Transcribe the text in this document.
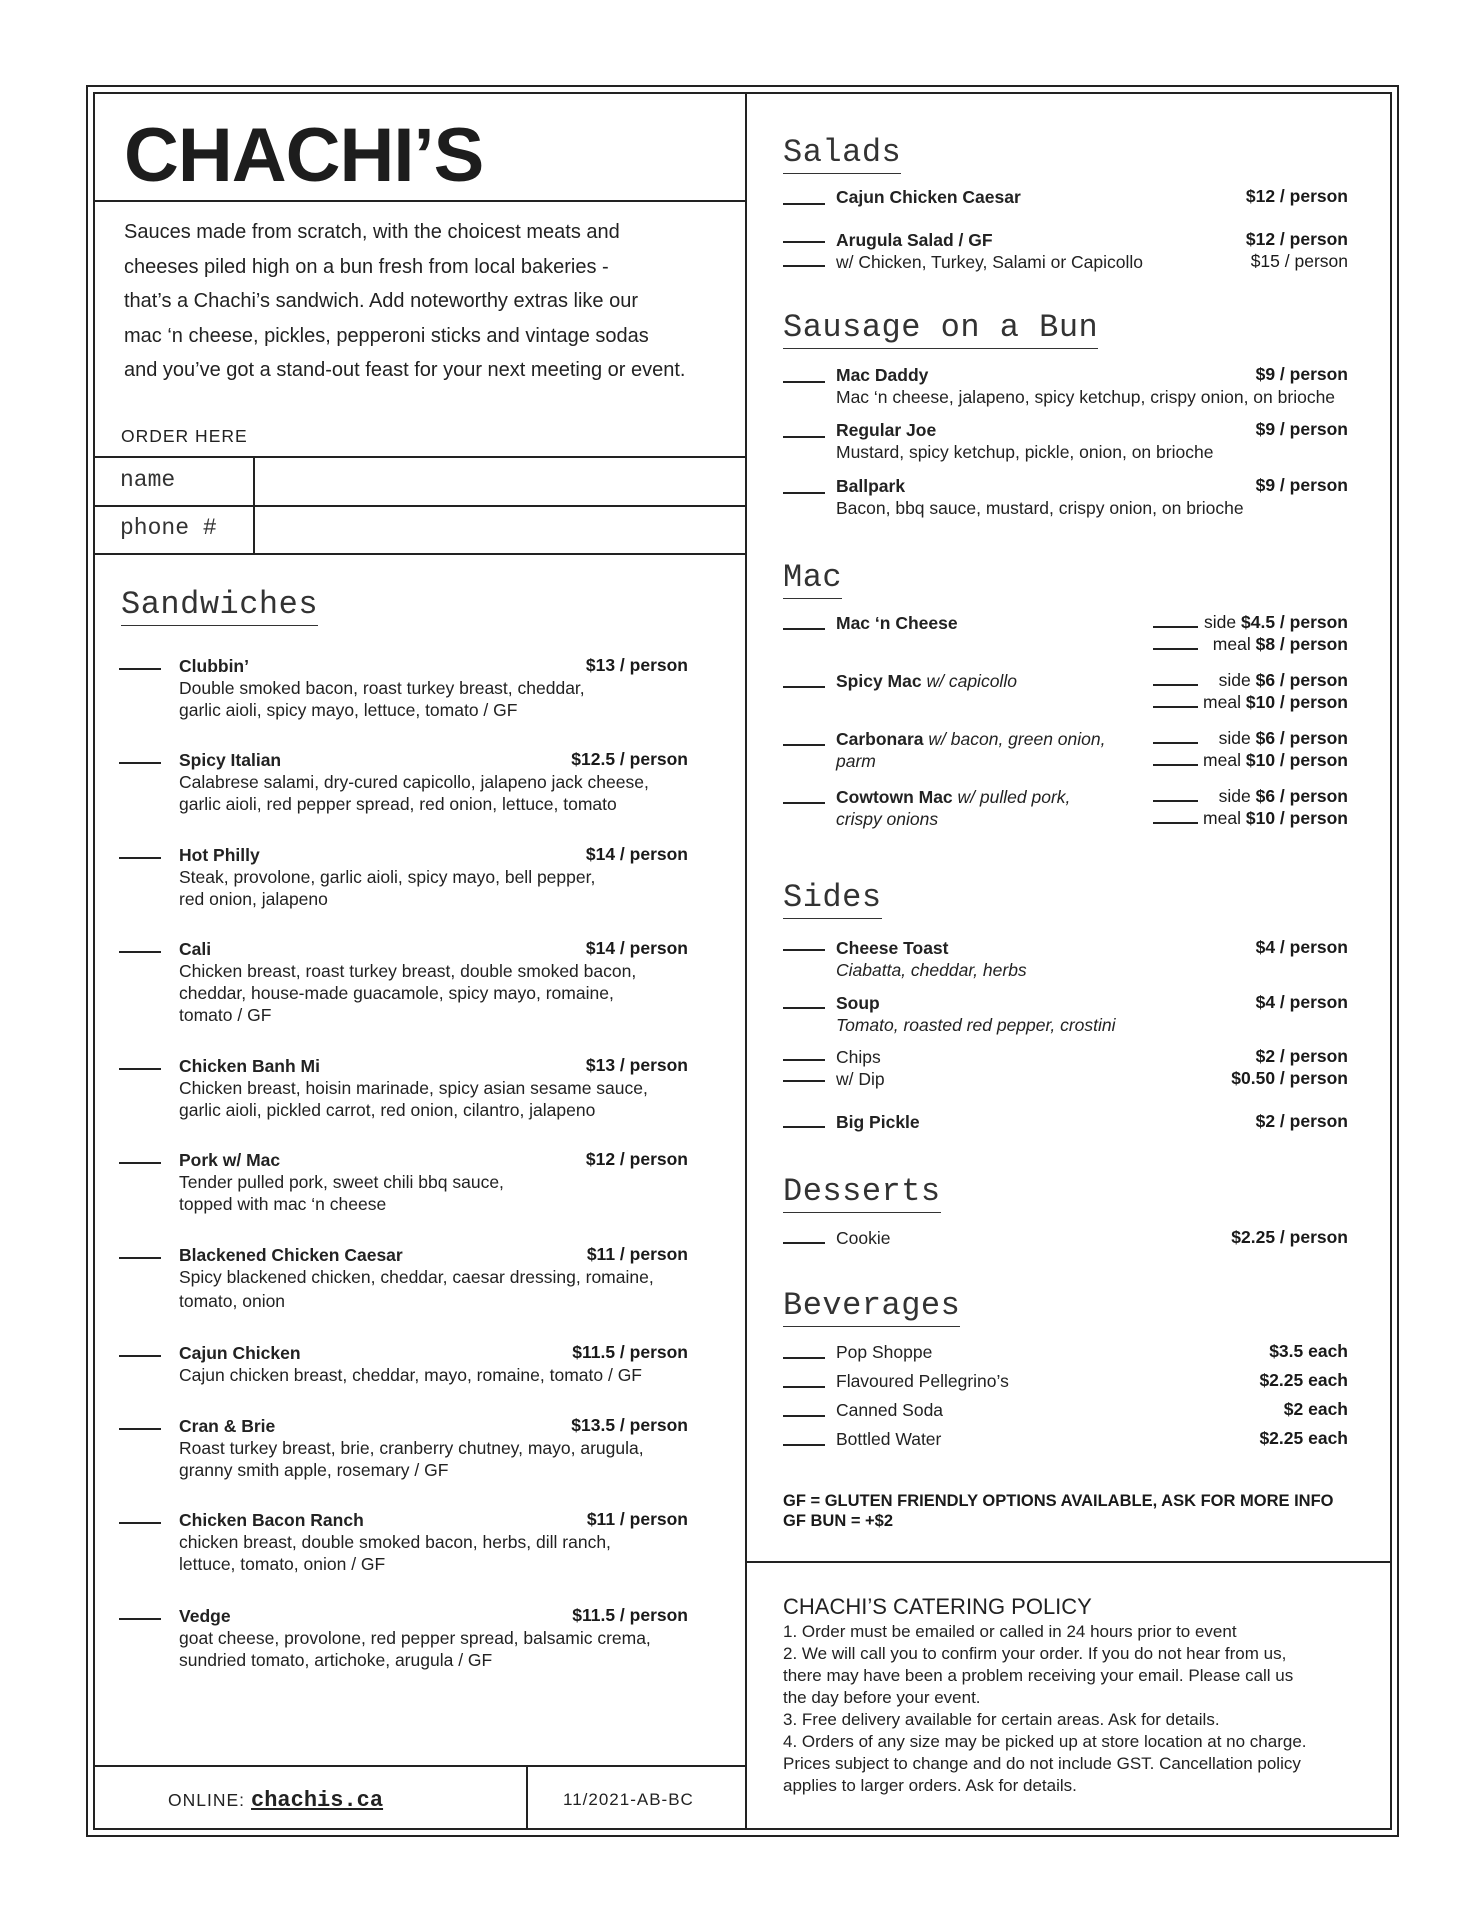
CHACHI’S
Sauces made from scratch, with the choicest meats and
cheeses piled high on a bun fresh from local bakeries -
that’s a Chachi’s sandwich. Add noteworthy extras like our
mac ‘n cheese, pickles, pepperoni sticks and vintage sodas
and you’ve got a stand-out feast for your next meeting or event.
ORDER HERE
name
phone #
Sandwiches
Clubbin’	$13 / person
Double smoked bacon, roast turkey breast, cheddar,
garlic aioli, spicy mayo, lettuce, tomato / GF
Spicy Italian	$12.5 / person
Calabrese salami, dry-cured capicollo, jalapeno jack cheese,
garlic aioli, red pepper spread, red onion, lettuce, tomato
Hot Philly	$14 / person
Steak, provolone, garlic aioli, spicy mayo, bell pepper,
red onion, jalapeno
Cali	$14 / person
Chicken breast, roast turkey breast, double smoked bacon,
cheddar, house-made guacamole, spicy mayo, romaine,
tomato / GF
Chicken Banh Mi	$13 / person
Chicken breast, hoisin marinade, spicy asian sesame sauce,
garlic aioli, pickled carrot, red onion, cilantro, jalapeno
Pork w/ Mac	$12 / person
Tender pulled pork, sweet chili bbq sauce,
topped with mac ‘n cheese
Blackened Chicken Caesar	$11 / person
Spicy blackened chicken, cheddar, caesar dressing, romaine,
tomato, onion
Cajun Chicken	$11.5 / person
Cajun chicken breast, cheddar, mayo, romaine, tomato / GF
Cran & Brie	$13.5 / person
Roast turkey breast, brie, cranberry chutney, mayo, arugula,
granny smith apple, rosemary / GF
Chicken Bacon Ranch	$11 / person
chicken breast, double smoked bacon, herbs, dill ranch,
lettuce, tomato, onion / GF
Vedge	$11.5 / person
goat cheese, provolone, red pepper spread, balsamic crema,
sundried tomato, artichoke, arugula / GF
ONLINE: chachis.ca	11/2021-AB-BC
Salads
Cajun Chicken Caesar	$12 / person
Arugula Salad / GF	$12 / person
w/ Chicken, Turkey, Salami or Capicollo	$15 / person
Sausage on a Bun
Mac Daddy	$9 / person
Mac ‘n cheese, jalapeno, spicy ketchup, crispy onion, on brioche
Regular Joe	$9 / person
Mustard, spicy ketchup, pickle, onion, on brioche
Ballpark	$9 / person
Bacon, bbq sauce, mustard, crispy onion, on brioche
Mac
Mac ‘n Cheese	side $4.5 / person
meal $8 / person
Spicy Mac w/ capicollo	side $6 / person
meal $10 / person
Carbonara w/ bacon, green onion,
parm
side $6 / person
meal $10 / person
Cowtown Mac w/ pulled pork,
crispy onions
side $6 / person
meal $10 / person
Sides
Cheese Toast
Ciabatta, cheddar, herbs
$4 / person
Soup
Tomato, roasted red pepper, crostini
$4 / person
Chips	$2 / person
w/ Dip	$0.50 / person
Big Pickle	$2 / person
Desserts
Cookie	$2.25 / person
Beverages
Pop Shoppe	$3.5 each
Flavoured Pellegrino’s	$2.25 each
Canned Soda	$2 each
Bottled Water	$2.25 each
GF = GLUTEN FRIENDLY OPTIONS AVAILABLE, ASK FOR MORE INFO
GF BUN = +$2
CHACHI’S CATERING POLICY
1. Order must be emailed or called in 24 hours prior to event
2. We will call you to confirm your order. If you do not hear from us,
there may have been a problem receiving your email. Please call us
the day before your event.
3. Free delivery available for certain areas. Ask for details.
4. Orders of any size may be picked up at store location at no charge.
Prices subject to change and do not include GST. Cancellation policy
applies to larger orders. Ask for details.
